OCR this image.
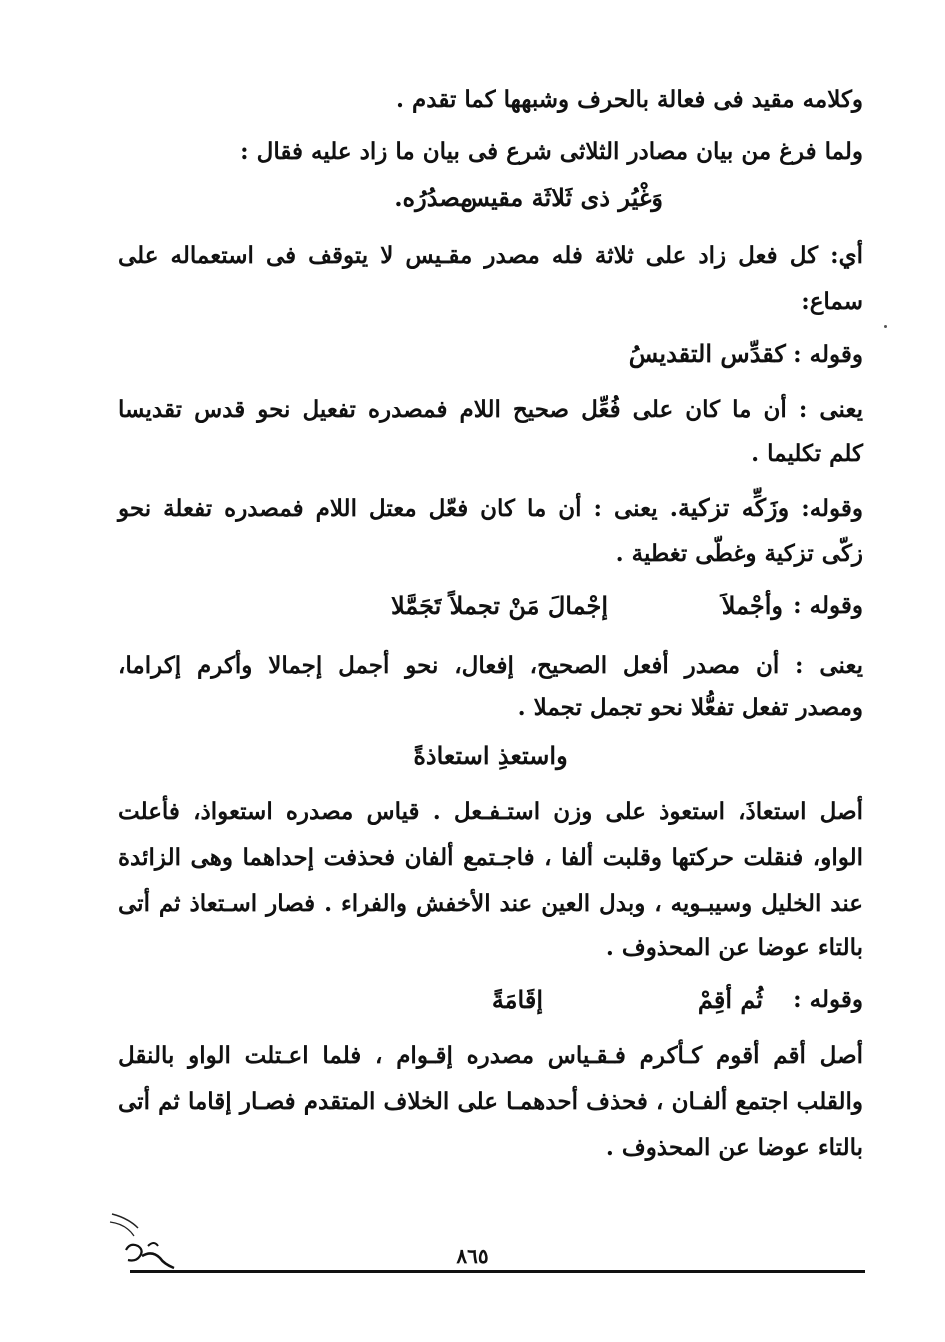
وكلامه مقيد فى فعالة بالحرف وشبهها كما تقدم .
ولما فرغ من بيان مصادر الثلاثى شرع فى بيان ما زاد عليه فقال :
وَغْيُر ذى ثَلاثَة مقيس
مصدُرُه.
أي: كل فعل زاد على ثلاثة فله مصدر مقـيس لا يتوقف فى استعماله على
سماع:
وقوله : كقدِّس التقديسُ
يعنى : أن ما كان على فُعِّل صحيح اللام فمصدره تفعيل نحو قدس تقديسا
كلم تكليما .
وقوله: وزَكِّه تزكية. يعنى : أن ما كان فعّل معتل اللام فمصدره تفعلة نحو
زكّى تزكية وغطّى تغطية .
وقوله :
وأجْملاَ
إجْمالَ مَنْ تجملاً تَجَمَّلا
يعنى : أن مصدر أفعل الصحيح، إفعال، نحو أجمل إجمالا وأكرم إكراما،
ومصدر تفعل تفعُّلا نحو تجمل تجملا .
واستعذِ استعاذةً
أصل استعاذَ، استعوذ على وزن استـفـعل . قياس مصدره استعواذ، فأعلت
الواو، فنقلت حركتها وقلبت ألفا ، فاجـتمع ألفان فحذفت إحداهما وهى الزائدة
عند الخليل وسيبـويه ، وبدل العين عند الأخفش والفراء . فصار اسـتعاذ ثم أتى
بالتاء عوضا عن المحذوف .
وقوله :
ثُم أقِمْ
إقَامَةً
أصل أقم أقوم كـأكرم فـقـياس مصدره إقـوام ، فلما اعـتلت الواو بالنقل
والقلب اجتمع ألفـان ، فحذف أحدهمـا على الخلاف المتقدم فصـار إقاما ثم أتى
بالتاء عوضا عن المحذوف .
٨٦٥
